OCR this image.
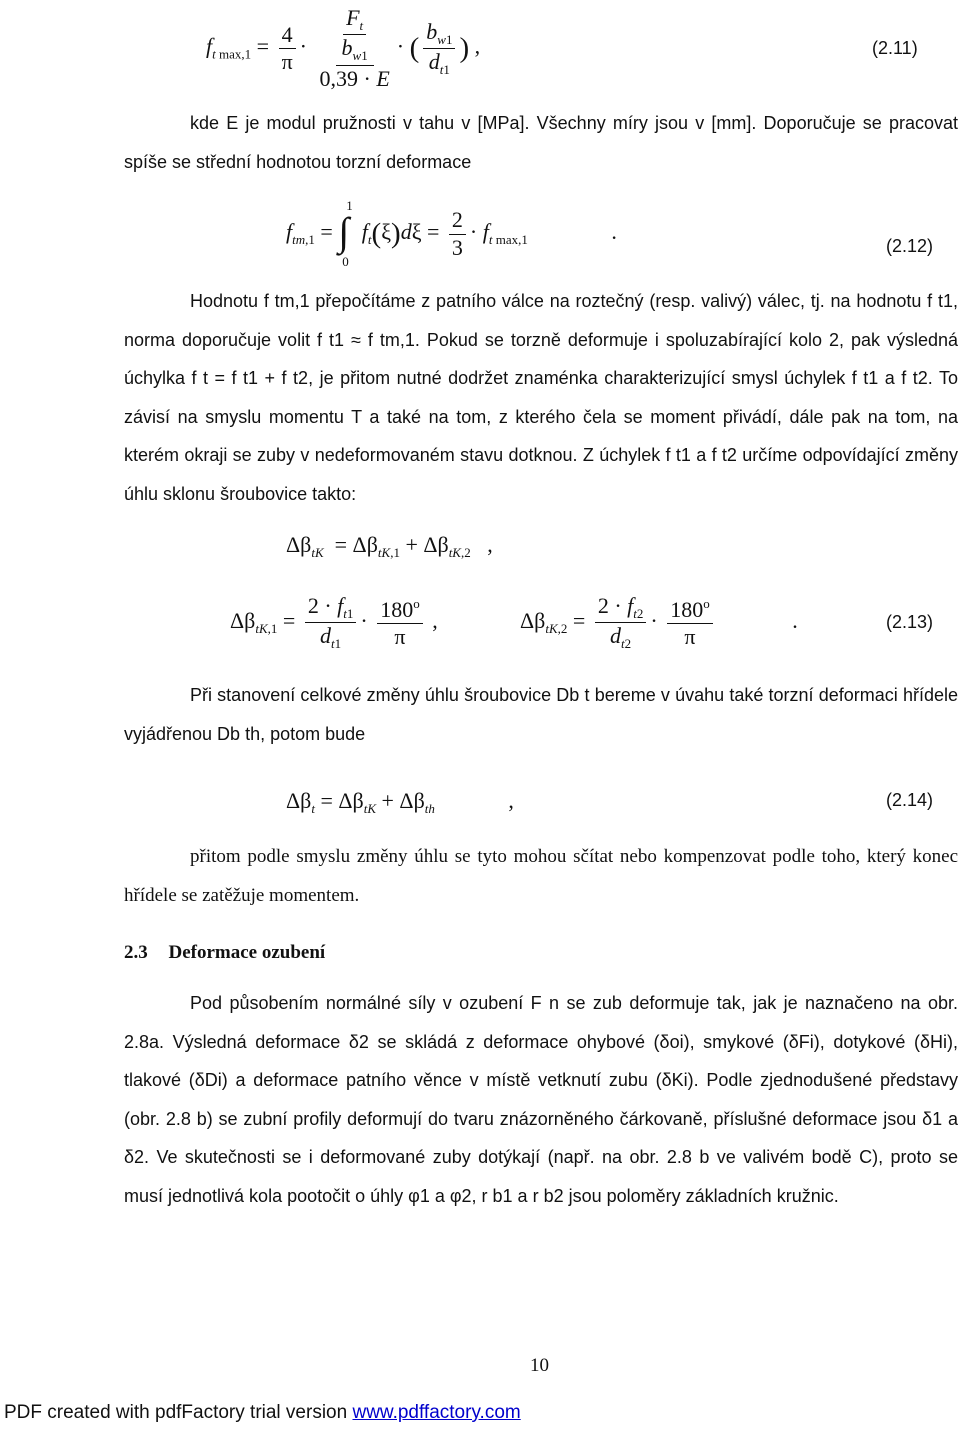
$f_{t max,1} = \frac{4}{\pi} \cdot \frac{\frac{F_t}{b_{w1}}}{0,39 \cdot E}$ · ( $\frac{b_{w1}}{d_{t1}}$ ) ,	(2.11)
kde E je modul pružnosti v tahu v [MPa]. Všechny míry jsou v [mm]. Doporučuje se pracovat spíše se střední hodnotou torzní deformace
$f_{tm,1}$ =
1
∫
0
$f_t(\xi)d\xi = \frac{2}{3} \cdot f_{t max,1}$	.
(2.12)
Hodnotu f tm,1 přepočítáme z patního válce na roztečný (resp. valivý) válec, tj. na hodnotu f t1, norma doporučuje volit f t1 ≈ f tm,1. Pokud se torzně deformuje i spoluzabírající kolo 2, pak výsledná úchylka f t = f t1 + f t2, je přitom nutné dodržet znaménka charakterizující smysl úchylek f t1 a f t2. To závisí na smyslu momentu T a také na tom, z kterého čela se moment přivádí, dále pak na tom, na kterém okraji se zuby v nedeformovaném stavu dotknou. Z úchylek f t1 a f t2 určíme odpovídající změny úhlu sklonu šroubovice takto:
$\Delta\beta_{tK} = \Delta\beta_{tK,1} + \Delta\beta_{tK,2}$   ,
$\Delta\beta_{tK,1} = \frac{2 \cdot f_{t1}}{d_{t1}} \cdot \frac{180^o}{\pi}$ ,	$\Delta\beta_{tK,2} = \frac{2 \cdot f_{t2}}{d_{t2}} \cdot \frac{180^o}{\pi}$	.	(2.13)
Při stanovení celkové změny úhlu šroubovice Db t bereme v úvahu také torzní deformaci hřídele vyjádřenou Db th, potom bude
$\Delta\beta_t = \Delta\beta_{tK} + \Delta\beta_{th}$	,	(2.14)
přitom podle smyslu změny úhlu se tyto mohou sčítat nebo kompenzovat podle toho, který konec hřídele se zatěžuje momentem.
2.3 Deformace ozubení
Pod působením normálné síly v ozubení F n se zub deformuje tak, jak je naznačeno na obr. 2.8a. Výsledná deformace δ2 se skládá z deformace ohybové (δoi), smykové (δFi), dotykové (δHi), tlakové (δDi) a deformace patního věnce v místě vetknutí zubu (δKi). Podle zjednodušené představy (obr. 2.8 b) se zubní profily deformují do tvaru znázorněného čárkovaně, příslušné deformace jsou δ1 a δ2. Ve skutečnosti se i deformované zuby dotýkají (např. na obr. 2.8 b ve valivém bodě C), proto se musí jednotlivá kola pootočit o úhly φ1 a φ2, r b1 a r b2 jsou poloměry základních kružnic.
10
PDF created with pdfFactory trial version www.pdffactory.com
